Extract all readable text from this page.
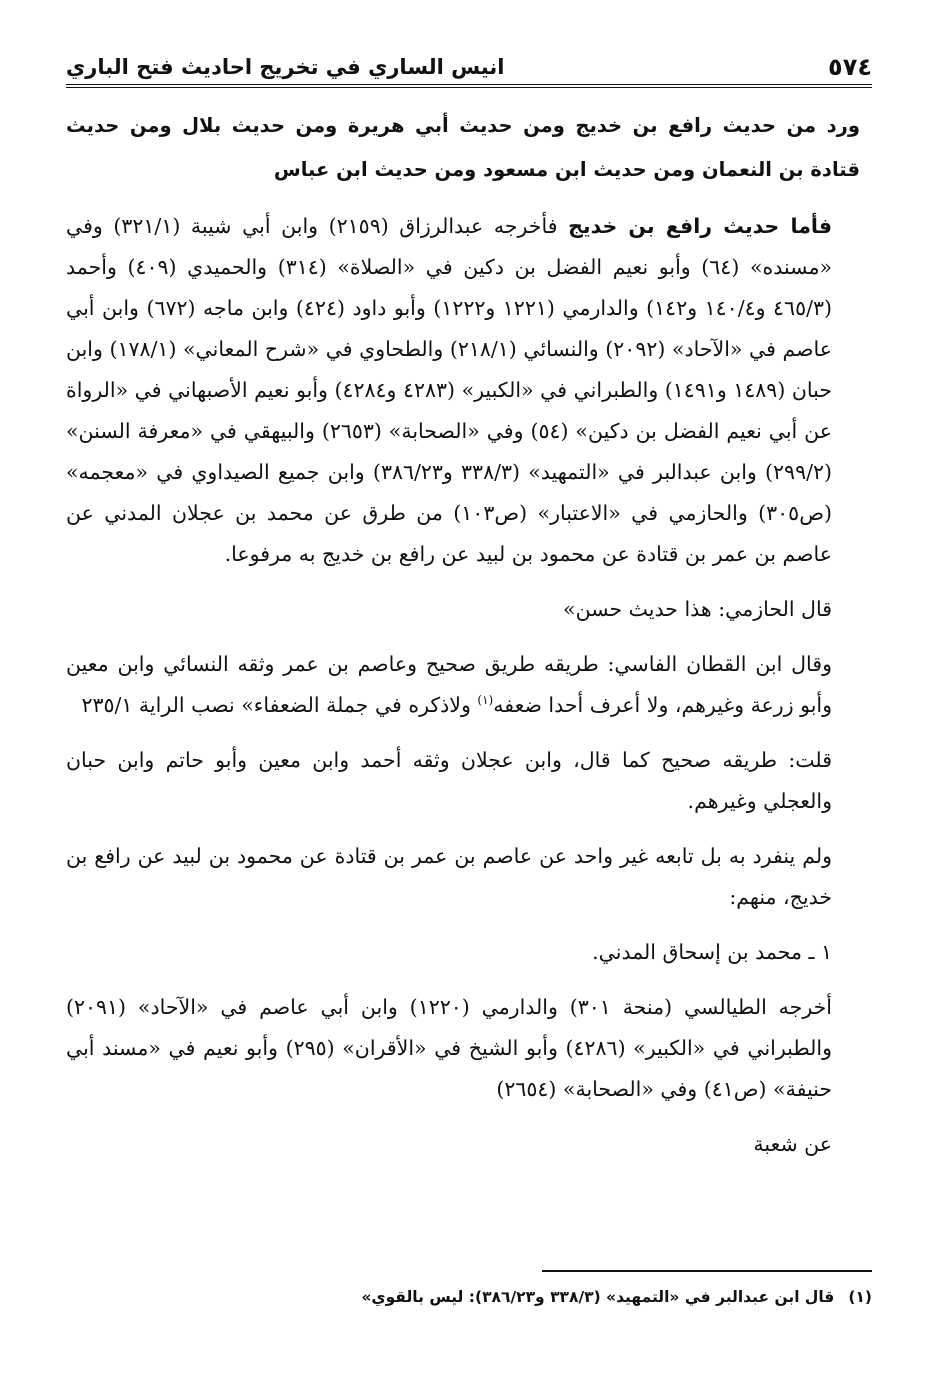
٥٧٤
انيس الساري في تخريج احاديث فتح الباري

ورد من حديث رافع بن خديج ومن حديث أبي هريرة ومن حديث بلال ومن حديث قتادة بن النعمان ومن حديث ابن مسعود ومن حديث ابن عباس

فأما حديث رافع بن خديج فأخرجه عبدالرزاق (٢١٥٩) وابن أبي شيبة (٣٢١/١) وفي «مسنده» (٦٤) وأبو نعيم الفضل بن دكين في «الصلاة» (٣١٤) والحميدي (٤٠٩) وأحمد (٤٦٥/٣ و١٤٠/٤ و١٤٢) والدارمي (١٢٢١ و١٢٢٢) وأبو داود (٤٢٤) وابن ماجه (٦٧٢) وابن أبي عاصم في «الآحاد» (٢٠٩٢) والنسائي (٢١٨/١) والطحاوي في «شرح المعاني» (١٧٨/١) وابن حبان (١٤٨٩ و١٤٩١) والطبراني في «الكبير» (٤٢٨٣ و٤٢٨٤) وأبو نعيم الأصبهاني في «الرواة عن أبي نعيم الفضل بن دكين» (٥٤) وفي «الصحابة» (٢٦٥٣) والبيهقي في «معرفة السنن» (٢٩٩/٢) وابن عبدالبر في «التمهيد» (٣٣٨/٣ و٣٨٦/٢٣) وابن جميع الصيداوي في «معجمه» (ص٣٠٥) والحازمي في «الاعتبار» (ص١٠٣) من طرق عن محمد بن عجلان المدني عن عاصم بن عمر بن قتادة عن محمود بن لبيد عن رافع بن خديج به مرفوعا.

قال الحازمي: هذا حديث حسن»

وقال ابن القطان الفاسي: طريقه طريق صحيح وعاصم بن عمر وثقه النسائي وابن معين وأبو زرعة وغيرهم، ولا أعرف أحدا ضعفه$^{(١)}$ ولاذكره في جملة الضعفاء» نصب الراية ٢٣٥/١

قلت: طريقه صحيح كما قال، وابن عجلان وثقه أحمد وابن معين وأبو حاتم وابن حبان والعجلي وغيرهم.

ولم ينفرد به بل تابعه غير واحد عن عاصم بن عمر بن قتادة عن محمود بن لبيد عن رافع بن خديج، منهم:

١ ـ محمد بن إسحاق المدني.

أخرجه الطيالسي (منحة ٣٠١) والدارمي (١٢٢٠) وابن أبي عاصم في «الآحاد» (٢٠٩١) والطبراني في «الكبير» (٤٢٨٦) وأبو الشيخ في «الأقران» (٢٩٥) وأبو نعيم في «مسند أبي حنيفة» (ص٤١) وفي «الصحابة» (٢٦٥٤)

عن شعبة

(١)قال ابن عبدالبر في «التمهيد» (٣٣٨/٣ و٣٨٦/٢٣): ليس بالقوي»
